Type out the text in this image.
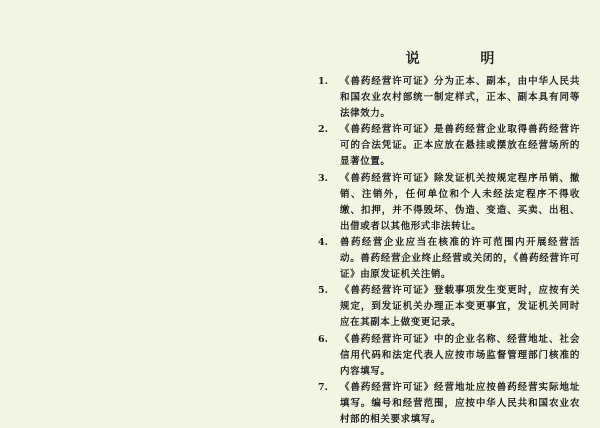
说 明
1.	《兽药经营许可证》分为正本、副本，由中华人民共和国农业农村部统一制定样式，正本、副本具有同等法律效力。
2.	《兽药经营许可证》是兽药经营企业取得兽药经营许可的合法凭证。正本应放在悬挂或摆放在经营场所的显著位置。
3.	《兽药经营许可证》除发证机关按规定程序吊销、撤销、注销外，任何单位和个人未经法定程序不得收缴、扣押，并不得毁坏、伪造、变造、买卖、出租、出借或者以其他形式非法转让。
4.	兽药经营企业应当在核准的许可范围内开展经营活动。兽药经营企业终止经营或关闭的，《兽药经营许可证》由原发证机关注销。
5.	《兽药经营许可证》登载事项发生变更时，应按有关规定，到发证机关办理正本变更事宜，发证机关同时应在其副本上做变更记录。
6.	《兽药经营许可证》中的企业名称、经营地址、社会信用代码和法定代表人应按市场监督管理部门核准的内容填写。
7.	《兽药经营许可证》经营地址应按兽药经营实际地址填写。编号和经营范围，应按中华人民共和国农业农村部的相关要求填写。
